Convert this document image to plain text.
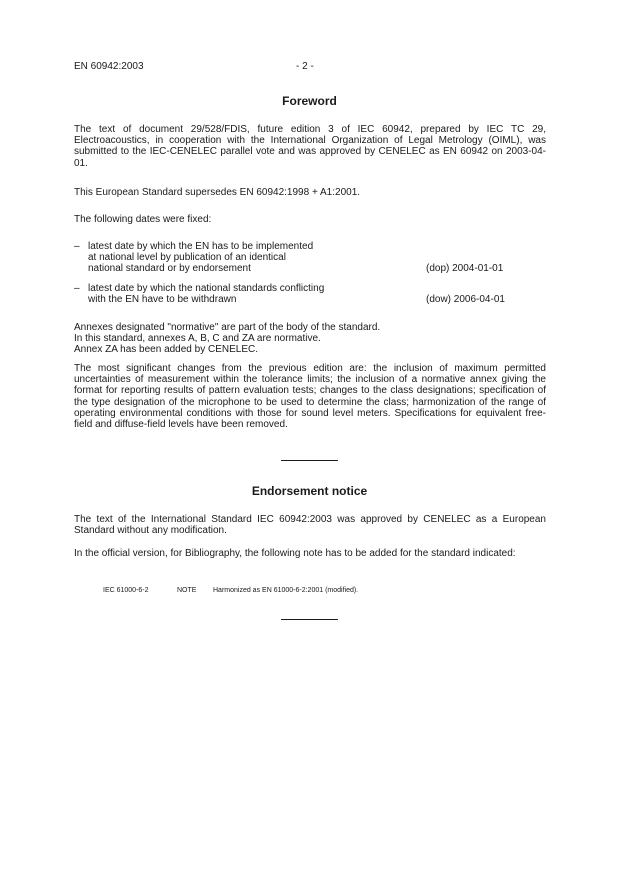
EN 60942:2003	- 2 -
Foreword

The text of document 29/528/FDIS, future edition 3 of IEC 60942, prepared by IEC TC 29, Electroacoustics, in cooperation with the International Organization of Legal Metrology (OIML), was submitted to the IEC-CENELEC parallel vote and was approved by CENELEC as EN 60942 on 2003-04-01.

This European Standard supersedes EN 60942:1998 + A1:2001.

The following dates were fixed:

– latest date by which the EN has to be implemented
at national level by publication of an identical
national standard or by endorsement	(dop) 2004-01-01
– latest date by which the national standards conflicting
with the EN have to be withdrawn	(dow) 2006-04-01
Annexes designated "normative" are part of the body of the standard.
In this standard, annexes A, B, C and ZA are normative.
Annex ZA has been added by CENELEC.

The most significant changes from the previous edition are: the inclusion of maximum permitted uncertainties of measurement within the tolerance limits; the inclusion of a normative annex giving the format for reporting results of pattern evaluation tests; changes to the class designations; specification of the type designation of the microphone to be used to determine the class; harmonization of the range of operating environmental conditions with those for sound level meters. Specifications for equivalent free-field and diffuse-field levels have been removed.

Endorsement notice

The text of the International Standard IEC 60942:2003 was approved by CENELEC as a European Standard without any modification.

In the official version, for Bibliography, the following note has to be added for the standard indicated:

IEC 61000-6-2	NOTE Harmonized as EN 61000-6-2:2001 (modified).
